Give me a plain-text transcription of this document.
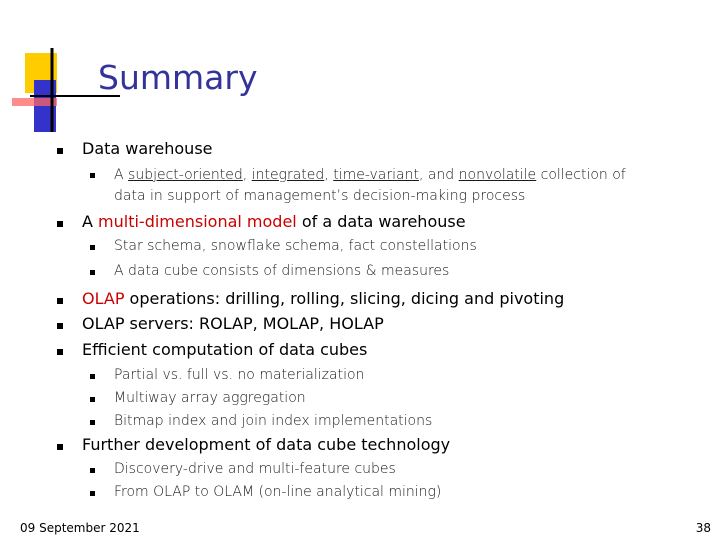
Summary
Data warehouse
A subject-oriented, integrated, time-variant, and nonvolatile collection of
data in support of management’s decision-making process
A multi-dimensional model of a data warehouse
Star schema, snowflake schema, fact constellations
A data cube consists of dimensions & measures
OLAP operations: drilling, rolling, slicing, dicing and pivoting
OLAP servers: ROLAP, MOLAP, HOLAP
Efficient computation of data cubes
Partial vs. full vs. no materialization
Multiway array aggregation
Bitmap index and join index implementations
Further development of data cube technology
Discovery-drive and multi-feature cubes
From OLAP to OLAM (on-line analytical mining)
09 September 2021	38
